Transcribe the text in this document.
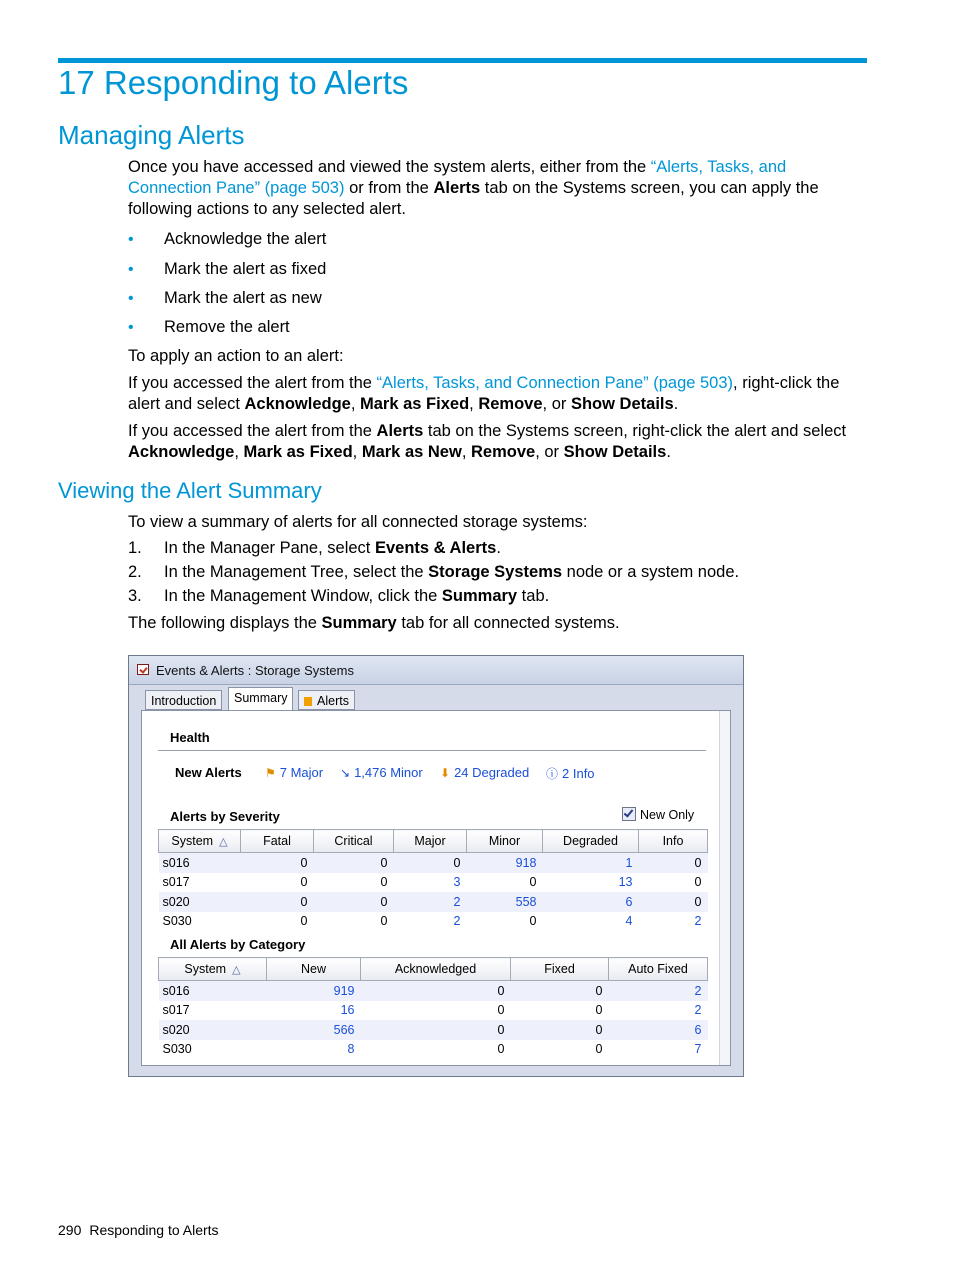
17 Responding to Alerts
Managing Alerts

Once you have accessed and viewed the system alerts, either from the “Alerts, Tasks, and Connection Pane” (page 503) or from the Alerts tab on the Systems screen, you can apply the following actions to any selected alert.

• Acknowledge the alert
• Mark the alert as fixed
• Mark the alert as new
• Remove the alert

To apply an action to an alert:

If you accessed the alert from the “Alerts, Tasks, and Connection Pane” (page 503), right-click the alert and select Acknowledge, Mark as Fixed, Remove, or Show Details.

If you accessed the alert from the Alerts tab on the Systems screen, right-click the alert and select Acknowledge, Mark as Fixed, Mark as New, Remove, or Show Details.

Viewing the Alert Summary

To view a summary of alerts for all connected storage systems:

1. In the Manager Pane, select Events & Alerts.
2. In the Management Tree, select the Storage Systems node or a system node.
3. In the Management Window, click the Summary tab.

The following displays the Summary tab for all connected systems.

Events & Alerts : Storage Systems
Introduction	Summary	Alerts
Health
New Alerts ⚑ 7 Major ↘ 1,476 Minor ⬇ 24 Degraded ⓘ 2 Info
Alerts by Severity	New Only
System △	Fatal	Critical	Major	Minor	Degraded	Info
s016	0	0	0	918	1	0
s017	0	0	3	0	13	0
s020	0	0	2	558	6	0
S030	0	0	2	0	4	2
All Alerts by Category
System △	New	Acknowledged	Fixed	Auto Fixed
s016	919	0	0	2
s017	16	0	0	2
s020	566	0	0	6
S030	8	0	0	7
290 Responding to Alerts
